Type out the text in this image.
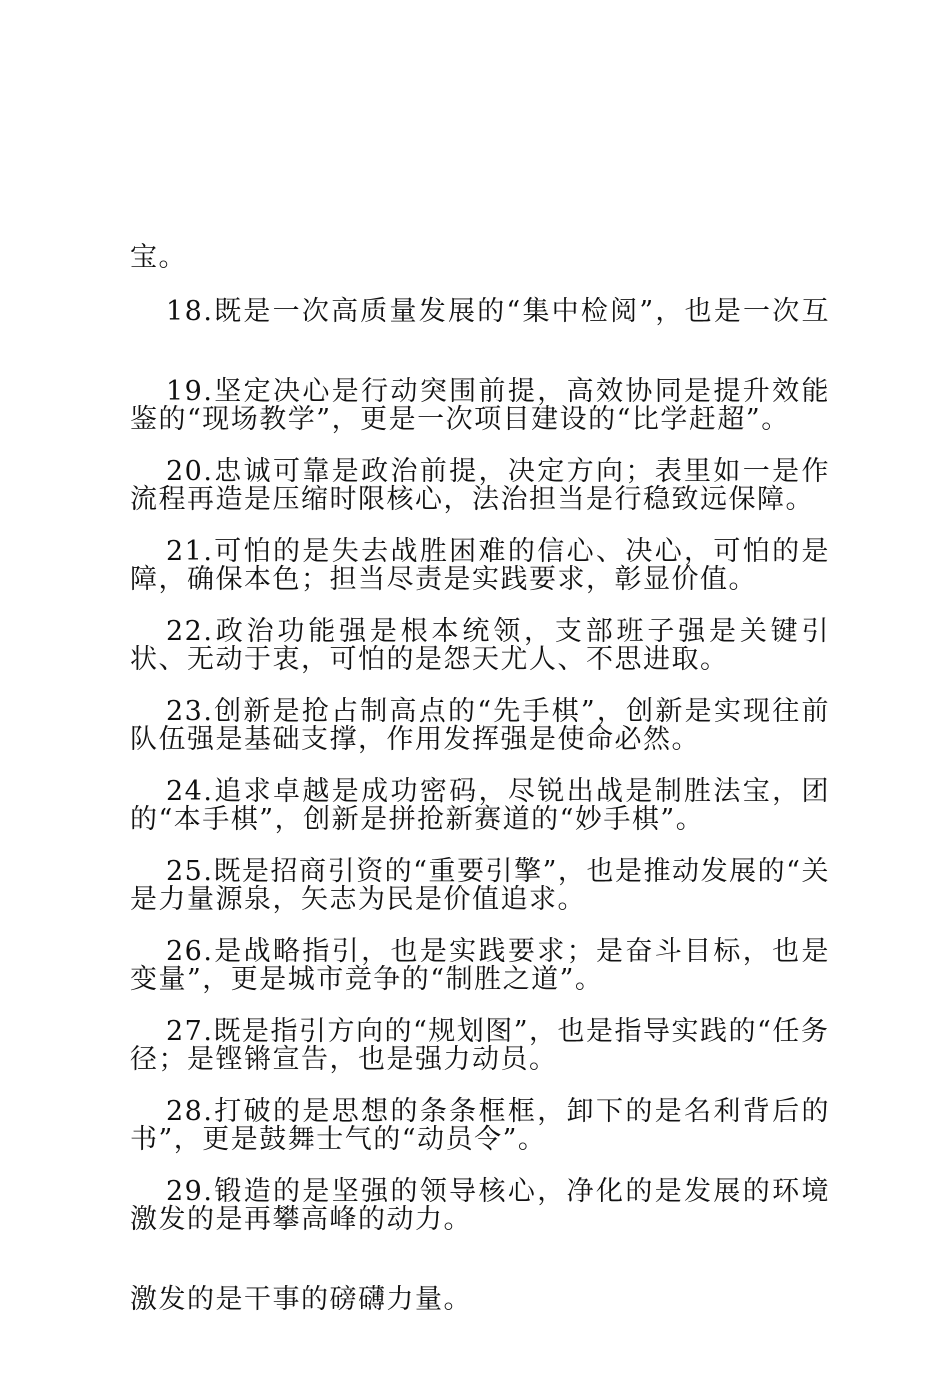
宝。

18.既是一次高质量发展的“集中检阅”，也是一次互

鉴的“现场教学”，更是一次项目建设的“比学赶超”。

19.坚定决心是行动突围前提，高效协同是提升效能

流程再造是压缩时限核心，法治担当是行稳致远保障。

20.忠诚可靠是政治前提，决定方向；表里如一是作

障，确保本色；担当尽责是实践要求，彰显价值。

21.可怕的是失去战胜困难的信心、决心，可怕的是

状、无动于衷，可怕的是怨天尤人、不思进取。

22.政治功能强是根本统领，支部班子强是关键引

队伍强是基础支撑，作用发挥强是使命必然。

23.创新是抢占制高点的“先手棋”，创新是实现往前

的“本手棋”，创新是拼抢新赛道的“妙手棋”。

24.追求卓越是成功密码，尽锐出战是制胜法宝，团

是力量源泉，矢志为民是价值追求。

25.既是招商引资的“重要引擎”，也是推动发展的“关

变量”，更是城市竞争的“制胜之道”。

26.是战略指引，也是实践要求；是奋斗目标，也是

径；是铿锵宣告，也是强力动员。

27.既是指引方向的“规划图”，也是指导实践的“任务

书”，更是鼓舞士气的“动员令”。

28.打破的是思想的条条框框，卸下的是名利背后的

激发的是再攀高峰的动力。

29.锻造的是坚强的领导核心，净化的是发展的环境

激发的是干事的磅礴力量。
